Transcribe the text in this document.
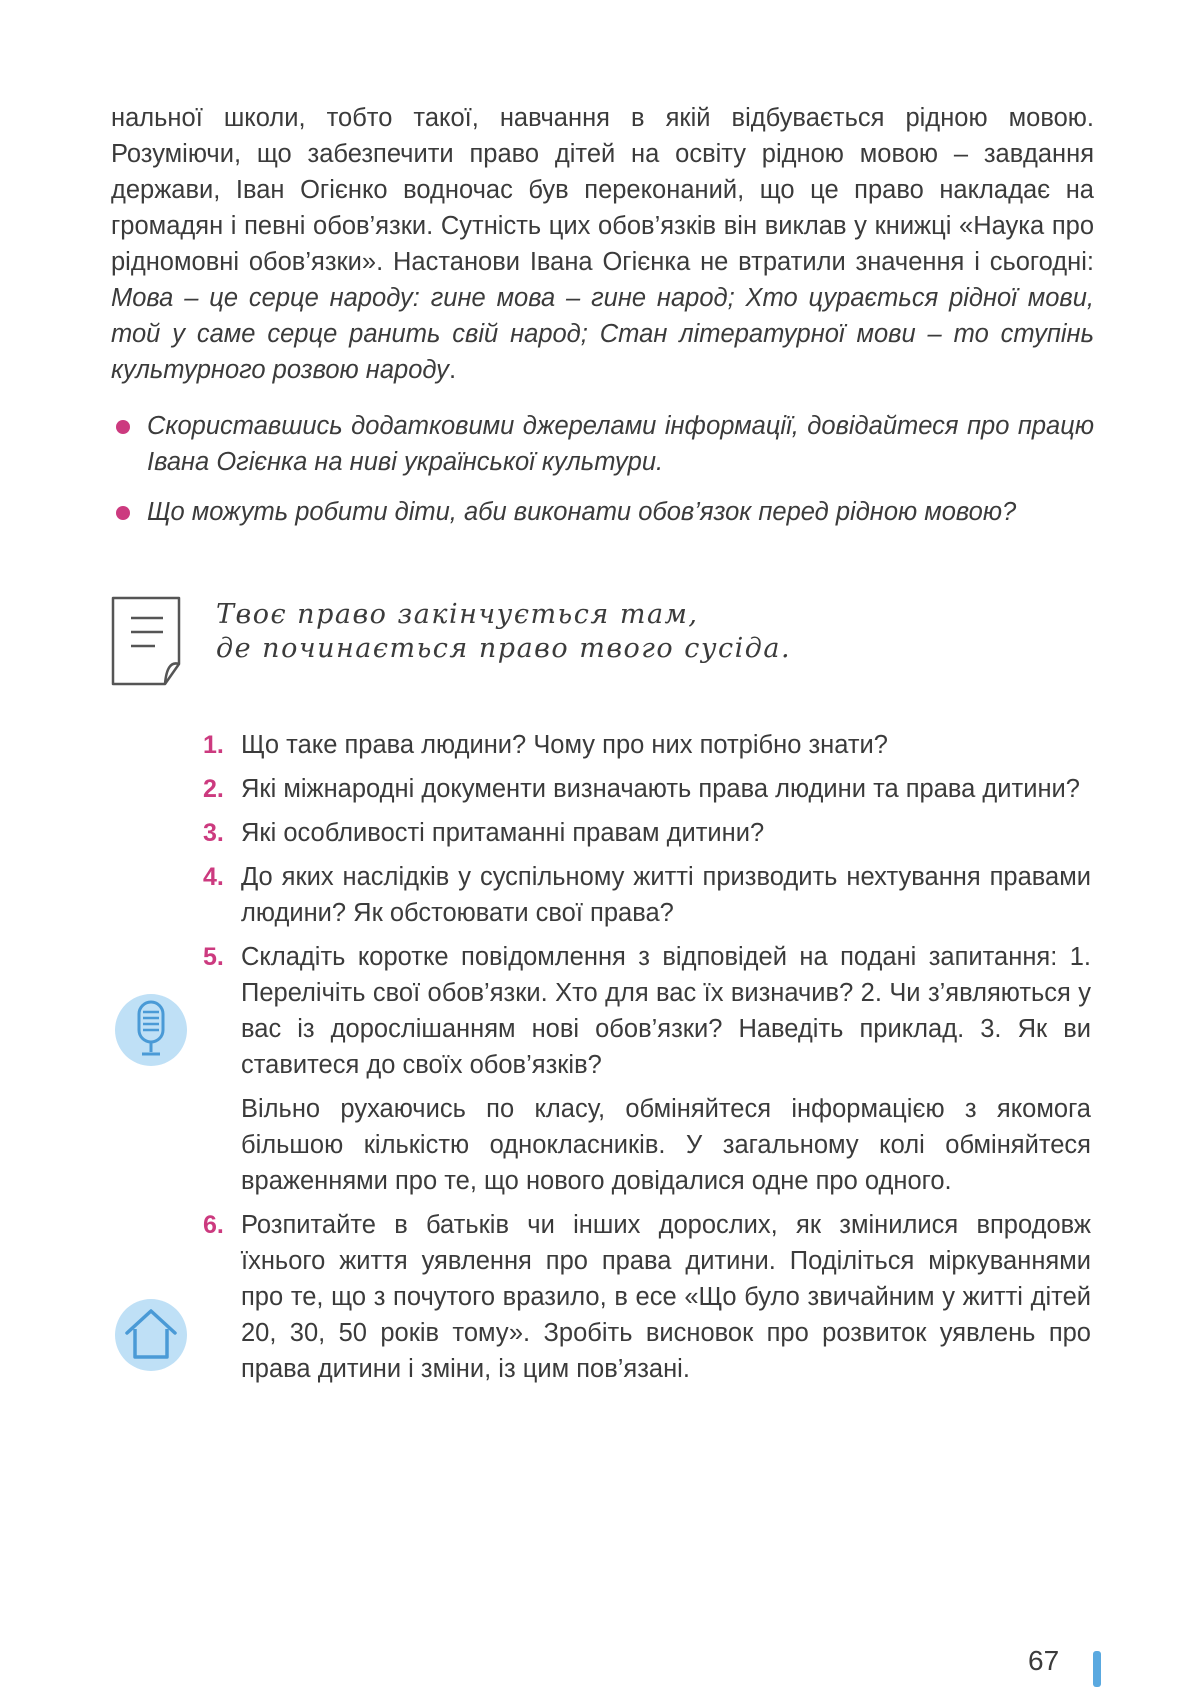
нальної школи, тобто такої, навчання в якій відбувається рідною мовою. Розуміючи, що забезпечити право дітей на освіту рідною мовою – завдання держави, Іван Огієнко водночас був переконаний, що це право накладає на громадян і певні обов’язки. Сутність цих обов’язків він виклав у книжці «Наука про рідномовні обов’язки». Настанови Івана Огієнка не втратили значення і сьогодні: Мова – це серце народу: гине мова – гине народ; Хто цурається рідної мови, той у саме серце ранить свій народ; Стан літературної мови – то ступінь культурного розвою народу.

Скориставшись додатковими джерелами інформації, довідайтеся про працю Івана Огієнка на ниві української культури.
Що можуть робити діти, аби виконати обов’язок перед рідною мовою?
Твоє право закінчується там,
де починається право твого сусіда.
1. Що таке права людини? Чому про них потрібно знати?

2. Які міжнародні документи визначають права людини та права дитини?

3. Які особливості притаманні правам дитини?

4. До яких наслідків у суспільному житті призводить нехтування правами людини? Як обстоювати свої права?

5. Складіть коротке повідомлення з відповідей на подані запитання: 1. Перелічіть свої обов’язки. Хто для вас їх визначив? 2. Чи з’являються у вас із дорослішанням нові обов’язки? Наведіть приклад. 3. Як ви ставитеся до своїх обов’язків?

Вільно рухаючись по класу, обміняйтеся інформацією з якомога більшою кількістю однокласників. У загальному колі обміняйтеся враженнями про те, що нового довідалися одне про одного.

6. Розпитайте в батьків чи інших дорослих, як змінилися впродовж їхнього життя уявлення про права дитини. Поділіться міркуваннями про те, що з почутого вразило, в есе «Що було звичайним у житті дітей 20, 30, 50 років тому». Зробіть висновок про розвиток уявлень про права дитини і зміни, із цим пов’язані.

67
